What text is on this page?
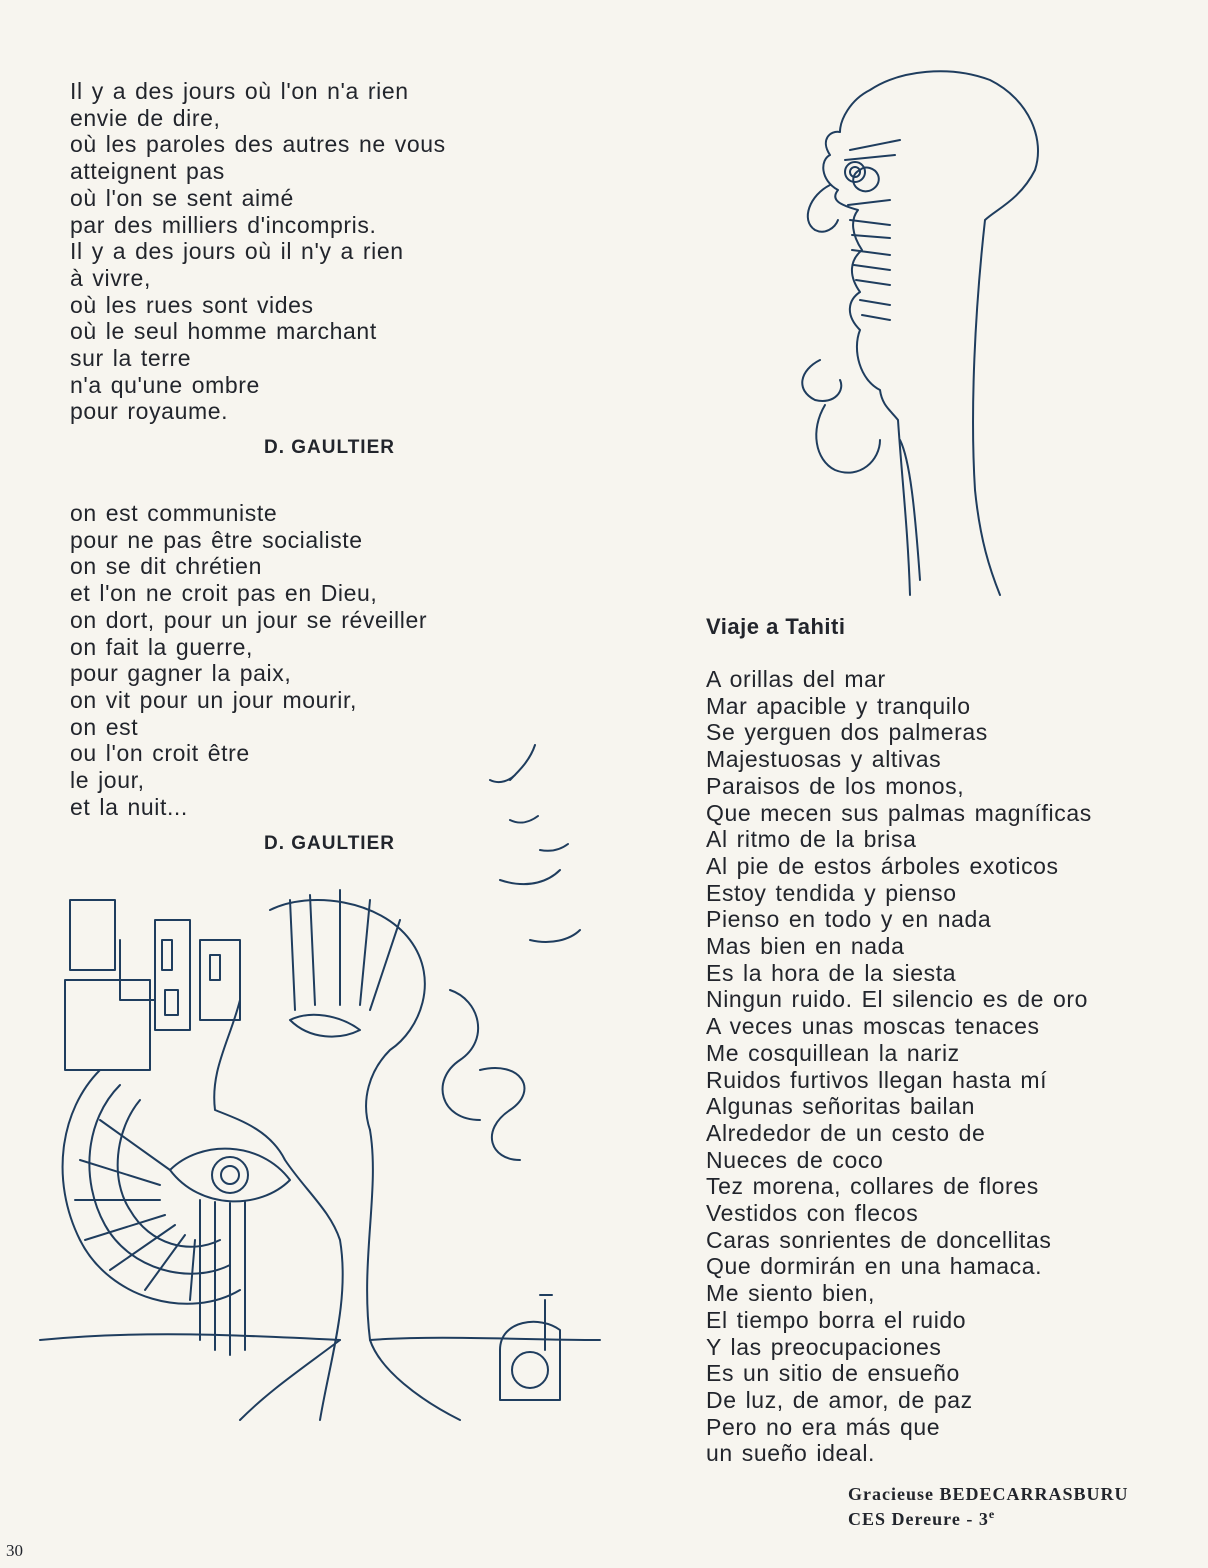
Il y a des jours où l'on n'a rien
envie de dire,
où les paroles des autres ne vous
atteignent pas
où l'on se sent aimé
par des milliers d'incompris.
Il y a des jours où il n'y a rien
à vivre,
où les rues sont vides
où le seul homme marchant
sur la terre
n'a qu'une ombre
pour royaume.
D. GAULTIER
on est communiste
pour ne pas être socialiste
on se dit chrétien
et l'on ne croit pas en Dieu,
on dort, pour un jour se réveiller
on fait la guerre,
pour gagner la paix,
on vit pour un jour mourir,
on est
ou l'on croit être
le jour,
et la nuit...
D. GAULTIER
Viaje a Tahiti
A orillas del mar
Mar apacible y tranquilo
Se yerguen dos palmeras
Majestuosas y altivas
Paraisos de los monos,
Que mecen sus palmas magníficas
Al ritmo de la brisa
Al pie de estos árboles exoticos
Estoy tendida y pienso
Pienso en todo y en nada
Mas bien en nada
Es la hora de la siesta
Ningun ruido. El silencio es de oro
A veces unas moscas tenaces
Me cosquillean la nariz
Ruidos furtivos llegan hasta mí
Algunas señoritas bailan
Alrededor de un cesto de
Nueces de coco
Tez morena, collares de flores
Vestidos con flecos
Caras sonrientes de doncellitas
Que dormirán en una hamaca.
Me siento bien,
El tiempo borra el ruido
Y las preocupaciones
Es un sitio de ensueño
De luz, de amor, de paz
Pero no era más que
un sueño ideal.
Gracieuse BEDECARRASBURU
CES Dereure - 3e
30
